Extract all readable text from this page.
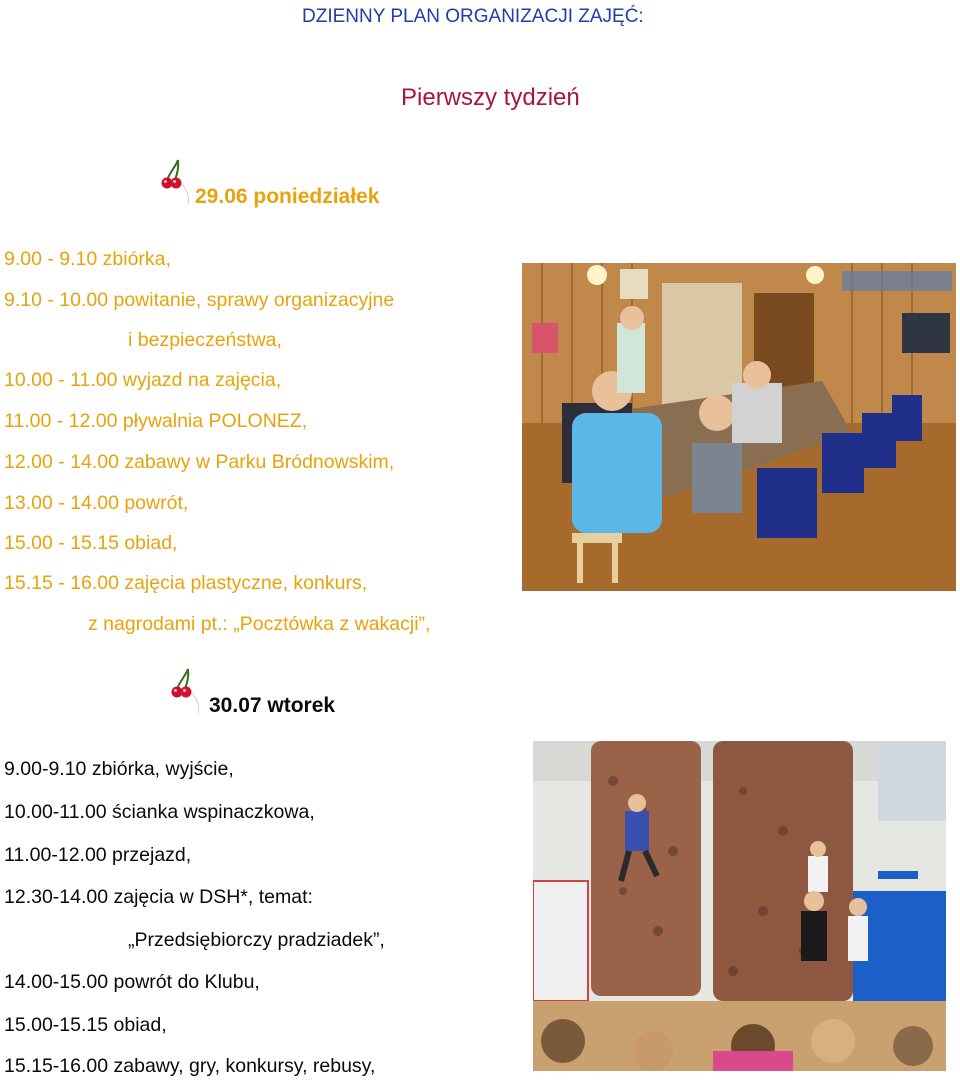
DZIENNY PLAN ORGANIZACJI ZAJĘĆ:
Pierwszy tydzień
29.06 poniedziałek
9.00 - 9.10 zbiórka,
9.10 - 10.00 powitanie, sprawy organizacyjne
i bezpieczeństwa,
10.00 - 11.00 wyjazd na zajęcia,
11.00 - 12.00 pływalnia POLONEZ,
12.00 - 14.00 zabawy w Parku Bródnowskim,
13.00 - 14.00 powrót,
15.00 - 15.15 obiad,
15.15 - 16.00 zajęcia plastyczne, konkurs,
z nagrodami pt.: „Pocztówka z wakacji”,
30.07 wtorek
9.00-9.10 zbiórka, wyjście,
10.00-11.00 ścianka wspinaczkowa,
11.00-12.00 przejazd,
12.30-14.00 zajęcia w DSH*, temat:
„Przedsiębiorczy pradziadek”,
14.00-15.00 powrót do Klubu,
15.00-15.15 obiad,
15.15-16.00 zabawy, gry, konkursy, rebusy,
